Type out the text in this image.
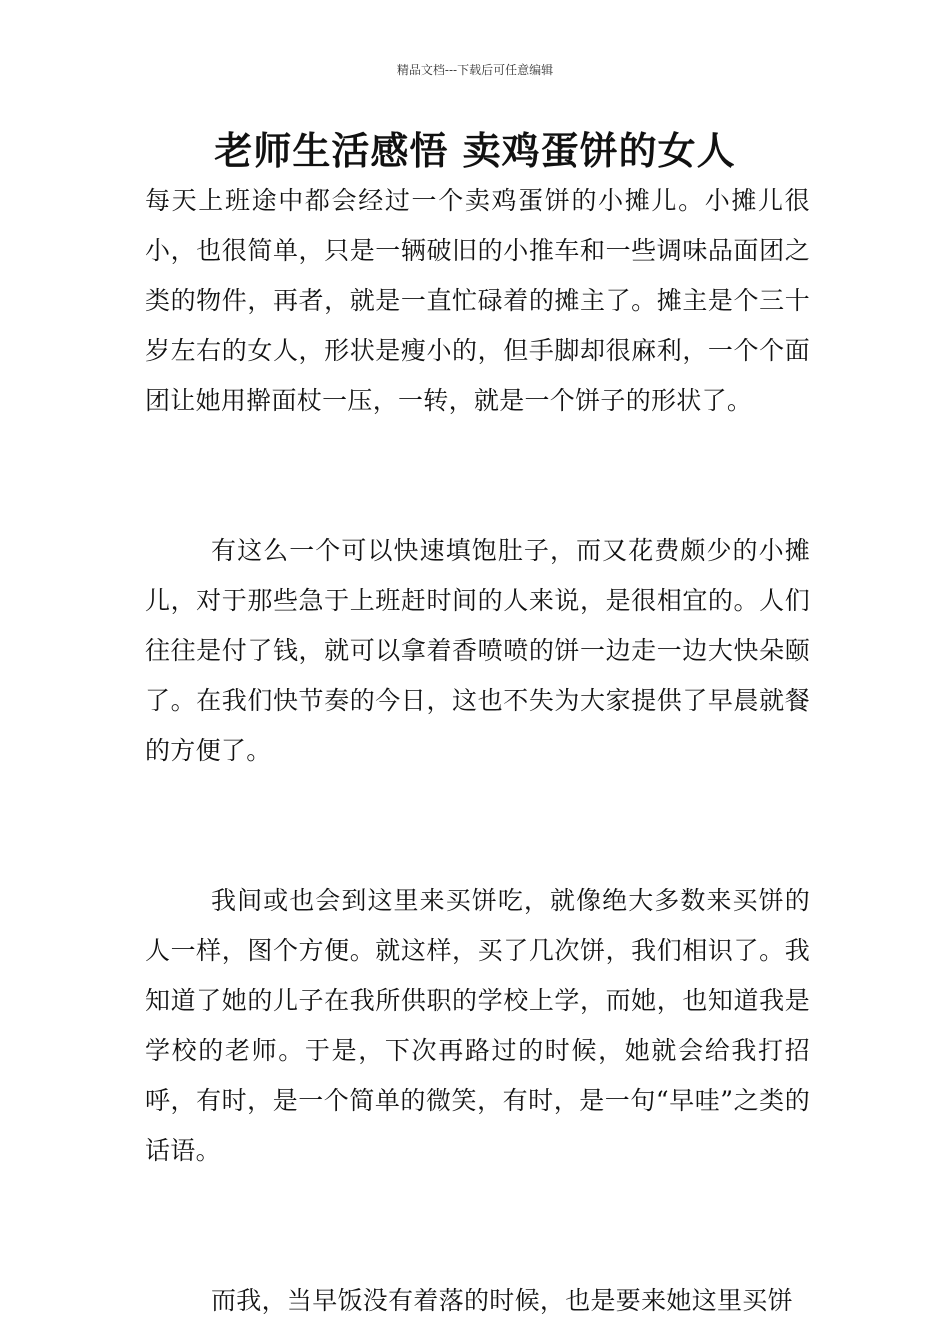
精品文档---下载后可任意编辑
老师生活感悟 卖鸡蛋饼的女人

每天上班途中都会经过一个卖鸡蛋饼的小摊儿。小摊儿很小，也很简单，只是一辆破旧的小推车和一些调味品面团之类的物件，再者，就是一直忙碌着的摊主了。摊主是个三十岁左右的女人，形状是瘦小的，但手脚却很麻利，一个个面团让她用擀面杖一压，一转，就是一个饼子的形状了。

有这么一个可以快速填饱肚子，而又花费颇少的小摊儿，对于那些急于上班赶时间的人来说，是很相宜的。人们往往是付了钱，就可以拿着香喷喷的饼一边走一边大快朵颐了。在我们快节奏的今日，这也不失为大家提供了早晨就餐的方便了。

我间或也会到这里来买饼吃，就像绝大多数来买饼的人一样，图个方便。就这样，买了几次饼，我们相识了。我知道了她的儿子在我所供职的学校上学，而她，也知道我是学校的老师。于是，下次再路过的时候，她就会给我打招呼，有时，是一个简单的微笑，有时，是一句“早哇”之类的话语。

而我，当早饭没有着落的时候，也是要来她这里买饼
